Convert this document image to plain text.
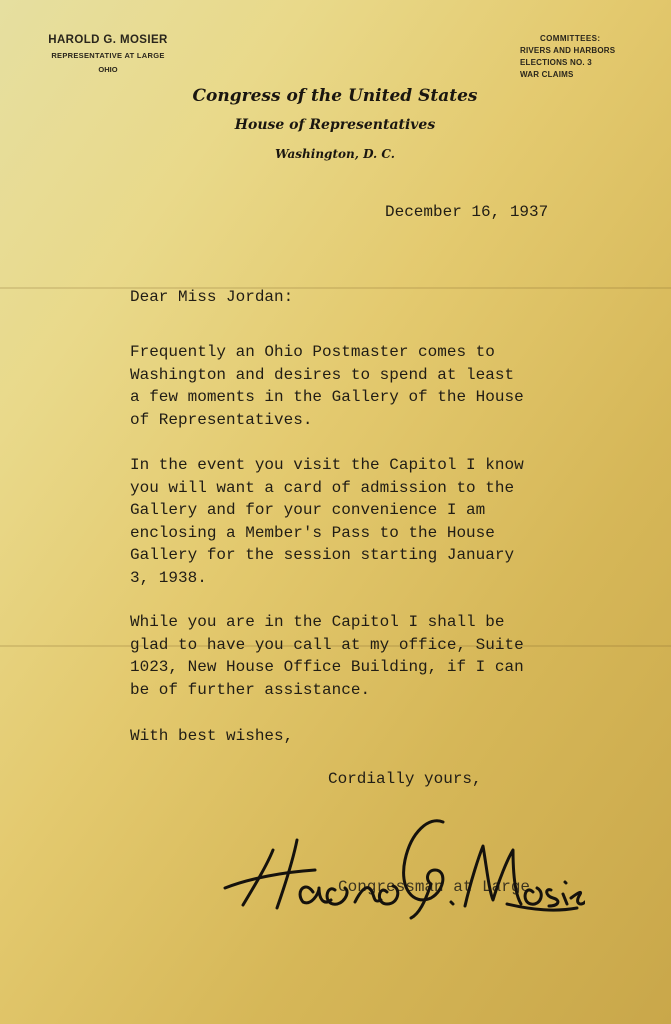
HAROLD G. MOSIER
REPRESENTATIVE AT LARGE
OHIO
COMMITTEES:
RIVERS AND HARBORS
ELECTIONS NO. 3
WAR CLAIMS
Congress of the United States
House of Representatives
Washington, D. C.
December 16, 1937

Dear Miss Jordan:

Frequently an Ohio Postmaster comes to
Washington and desires to spend at least
a few moments in the Gallery of the House
of Representatives.

In the event you visit the Capitol I know
you will want a card of admission to the
Gallery and for your convenience I am
enclosing a Member's Pass to the House
Gallery for the session starting January
3, 1938.

While you are in the Capitol I shall be
glad to have you call at my office, Suite
1023, New House Office Building, if I can
be of further assistance.

With best wishes,
Cordially yours,
Congressman at Large
